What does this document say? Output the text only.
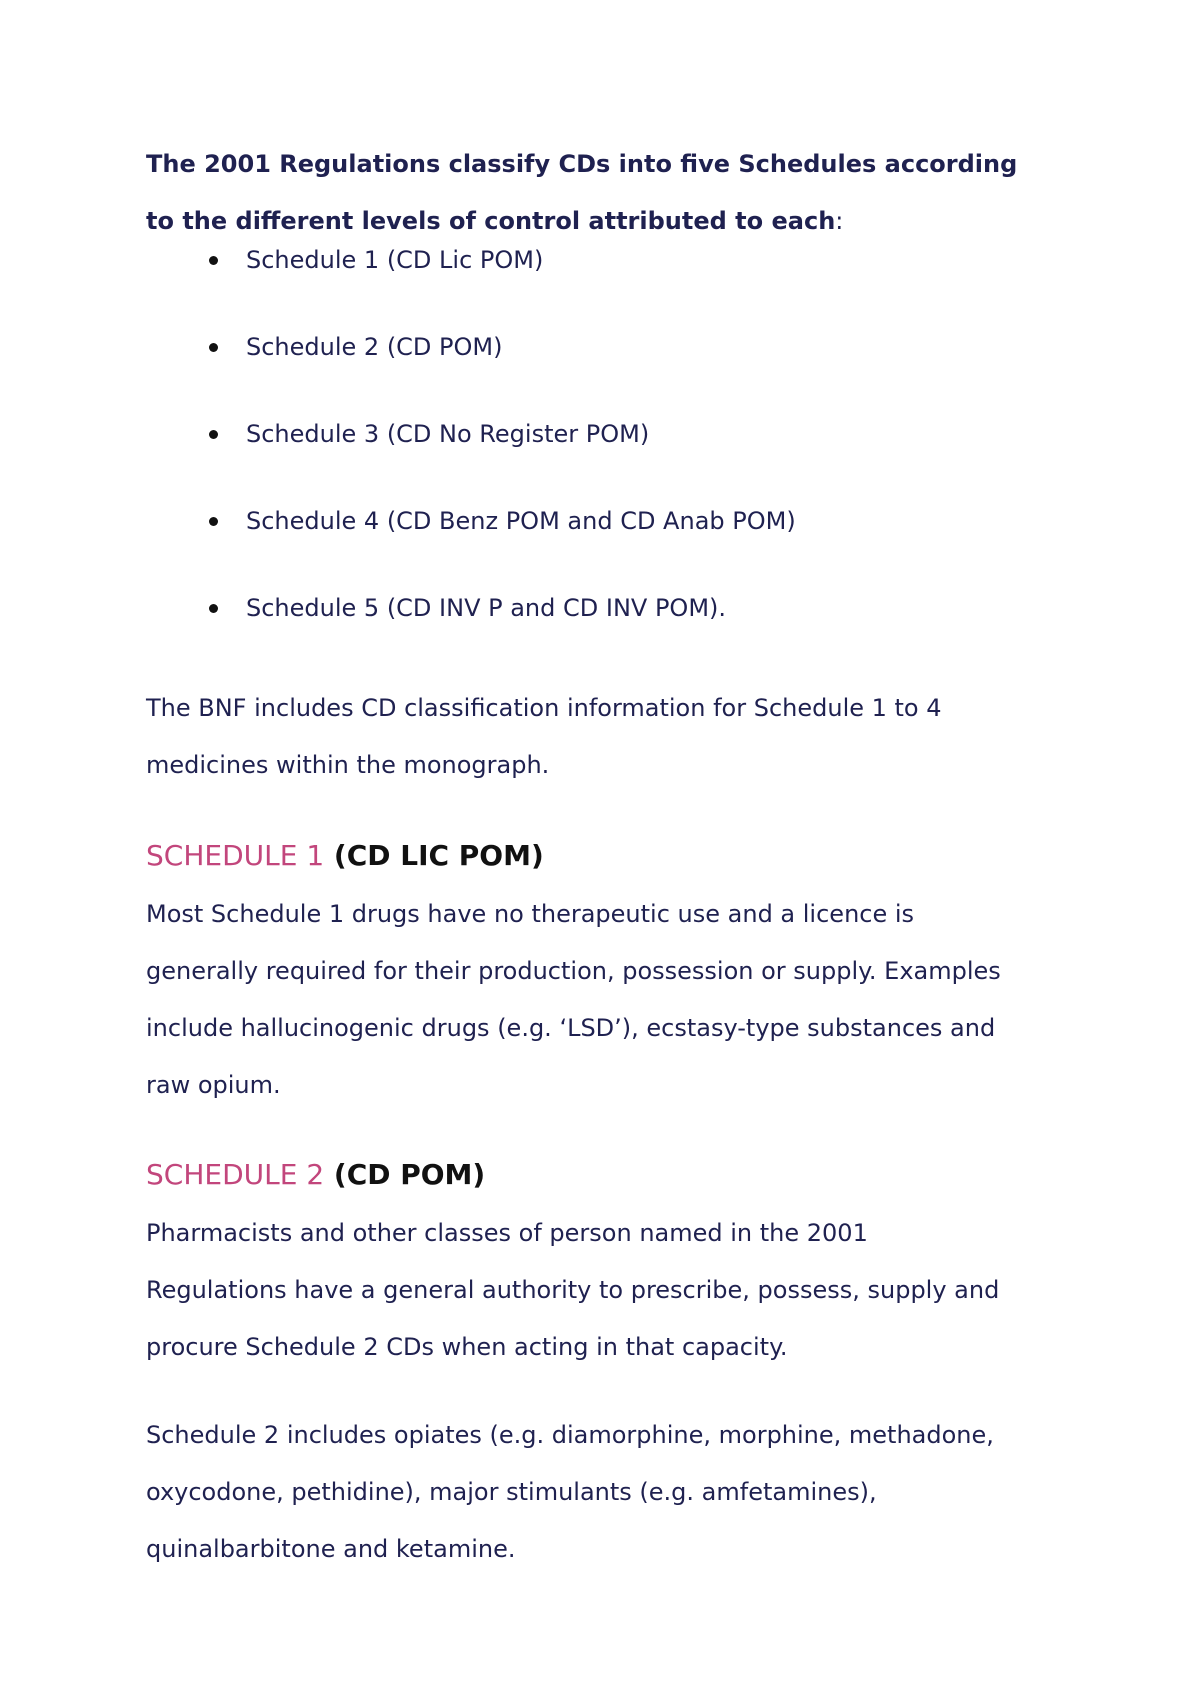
The 2001 Regulations classify CDs into five Schedules according
to the different levels of control attributed to each:
Schedule 1 (CD Lic POM)
Schedule 2 (CD POM)
Schedule 3 (CD No Register POM)
Schedule 4 (CD Benz POM and CD Anab POM)
Schedule 5 (CD INV P and CD INV POM).
The BNF includes CD classification information for Schedule 1 to 4
medicines within the monograph.
SCHEDULE 1 (CD LIC POM)
Most Schedule 1 drugs have no therapeutic use and a licence is
generally required for their production, possession or supply. Examples
include hallucinogenic drugs (e.g. ‘LSD’), ecstasy-type substances and
raw opium.
SCHEDULE 2 (CD POM)
Pharmacists and other classes of person named in the 2001
Regulations have a general authority to prescribe, possess, supply and
procure Schedule 2 CDs when acting in that capacity.
Schedule 2 includes opiates (e.g. diamorphine, morphine, methadone,
oxycodone, pethidine), major stimulants (e.g. amfetamines),
quinalbarbitone and ketamine.
